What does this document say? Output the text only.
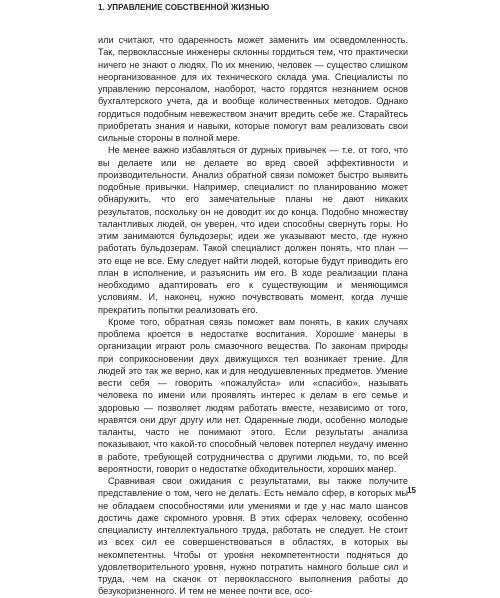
1. УПРАВЛЕНИЕ СОБСТВЕННОЙ ЖИЗНЬЮ

или считают, что одаренность может заменить им осведомленность. Так, первоклассные инженеры склонны гордиться тем, что практически ничего не знают о людях. По их мнению, человек — существо слишком неорганизованное для их технического склада ума. Специалисты по управлению персоналом, наоборот, часто гордятся незнанием основ бухгалтерского учета, да и вообще количественных методов. Однако гордиться подобным невежеством значит вредить себе же. Старайтесь приобретать знания и навыки, которые помогут вам реализовать свои сильные стороны в полной мере.

Не менее важно избавляться от дурных привычек — т.е. от того, что вы делаете или не делаете во вред своей эффективности и производительности. Анализ обратной связи поможет быстро выявить подобные привычки. Например, специалист по планированию может обнаружить, что его замечательные планы не дают никаких результатов, поскольку он не доводит их до конца. Подобно множеству талантливых людей, он уверен, что идеи способны свернуть горы. Но этим занимаются бульдозеры; идеи же указывают место, где нужно работать бульдозерам. Такой специалист должен понять, что план — это еще не все. Ему следует найти людей, которые будут приводить его план в исполнение, и разъяснить им его. В ходе реализации плана необходимо адаптировать его к существующим и меняющимся условиям. И, наконец, нужно почувствовать момент, когда лучше прекратить попытки реализовать его.

Кроме того, обратная связь поможет вам понять, в каких случаях проблема кроется в недостатке воспитания. Хорошие манеры в организации играют роль смазочного вещества. По законам природы при соприкосновении двух движущихся тел возникает трение. Для людей это так же верно, как и для неодушевленных предметов. Умение вести себя — говорить «пожалуйста» или «спасибо», называть человека по имени или проявлять интерес к делам в его семье и здоровью — позволяет людям работать вместе, независимо от того, нравятся они друг другу или нет. Одаренные люди, особенно молодые таланты, часто не понимают этого. Если результаты анализа показывают, что какой-то способный человек потерпел неудачу именно в работе, требующей сотрудничества с другими людьми, то, по всей вероятности, говорит о недостатке обходительности, хороших манер.

Сравнивая свои ожидания с результатами, вы также получите представление о том, чего не делать. Есть немало сфер, в которых мы не обладаем способностями или умениями и где у нас мало шансов достичь даже скромного уровня. В этих сферах человеку, особенно специалисту интеллектуального труда, работать не следует. Не стоит из всех сил ее совершенствоваться в областях, в которых вы некомпетентны. Чтобы от уровня некомпетентности подняться до удовлетворительного уровня, нужно потратить намного больше сил и труда, чем на скачок от первоклассного выполнения работы до безукоризненного. И тем не менее почти все, осо-

15
